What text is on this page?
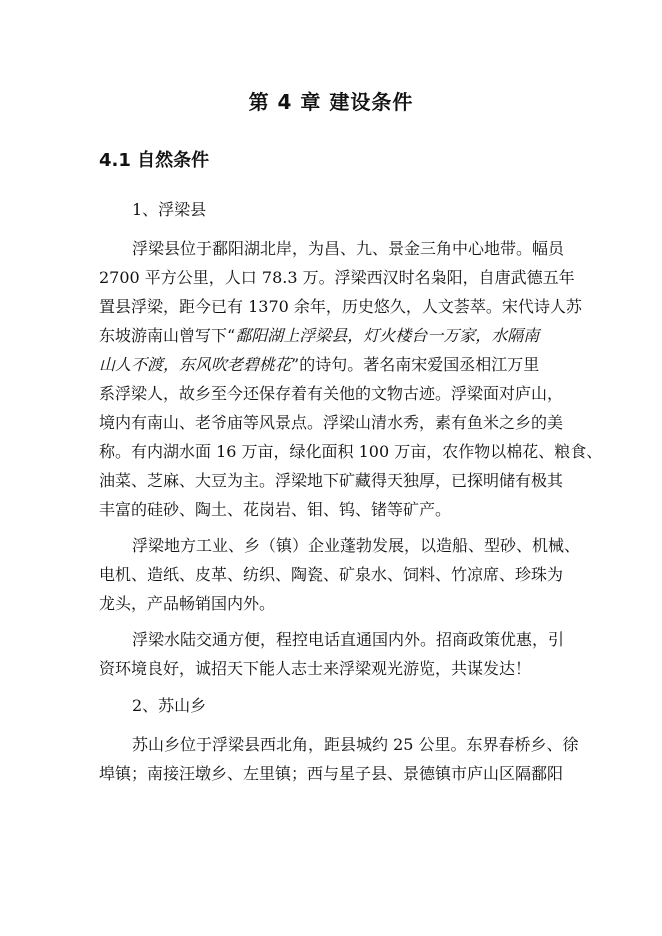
第 4 章 建设条件
4.1 自然条件

1、浮梁县

浮梁县位于鄱阳湖北岸，为昌、九、景金三角中心地带。幅员

2700 平方公里，人口 78.3 万。浮梁西汉时名枭阳，自唐武德五年

置县浮梁，距今已有 1370 余年，历史悠久，人文荟萃。宋代诗人苏

东坡游南山曾写下“鄱阳湖上浮梁县，灯火楼台一万家，水隔南

山人不渡，东风吹老碧桃花”的诗句。著名南宋爱国丞相江万里

系浮梁人，故乡至今还保存着有关他的文物古迹。浮梁面对庐山，

境内有南山、老爷庙等风景点。浮梁山清水秀，素有鱼米之乡的美

称。有内湖水面 16 万亩，绿化面积 100 万亩，农作物以棉花、粮食、

油菜、芝麻、大豆为主。浮梁地下矿藏得天独厚，已探明储有极其

丰富的硅砂、陶土、花岗岩、钼、钨、锗等矿产。

浮梁地方工业、乡（镇）企业蓬勃发展，以造船、型砂、机械、

电机、造纸、皮革、纺织、陶瓷、矿泉水、饲料、竹凉席、珍珠为

龙头，产品畅销国内外。

浮梁水陆交通方便，程控电话直通国内外。招商政策优惠，引

资环境良好，诚招天下能人志士来浮梁观光游览，共谋发达！

2、苏山乡

苏山乡位于浮梁县西北角，距县城约 25 公里。东界春桥乡、徐

埠镇；南接汪墩乡、左里镇；西与星子县、景德镇市庐山区隔鄱阳
